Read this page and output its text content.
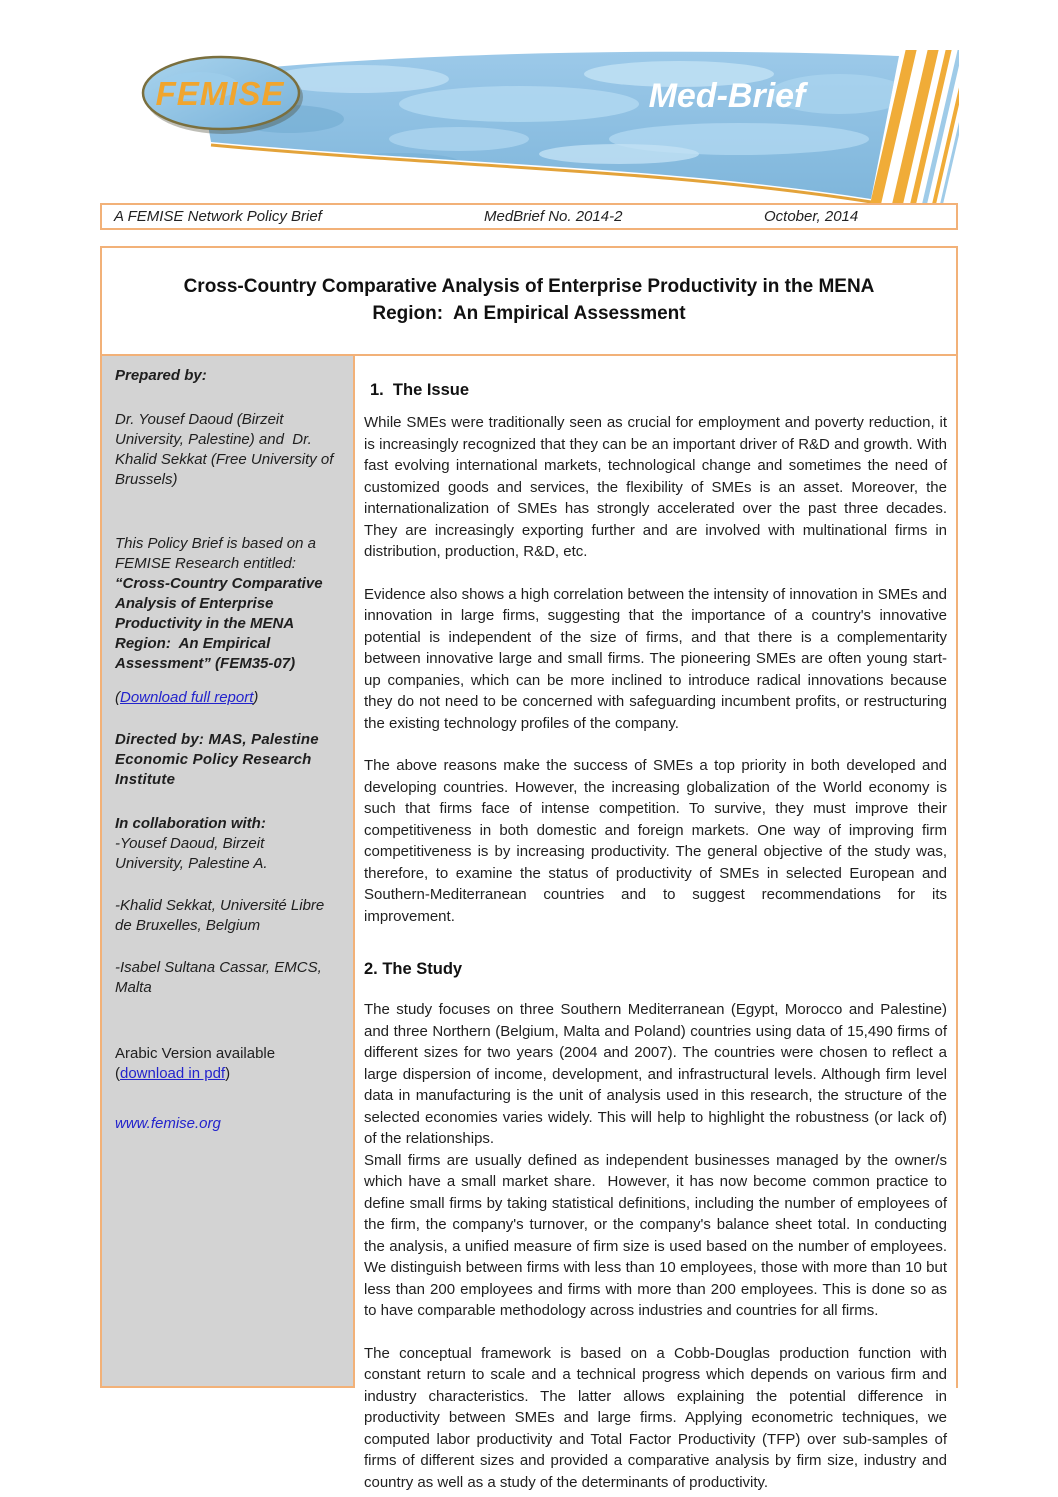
Med-Brief
FEMISE
A FEMISE Network Policy Brief	MedBrief No. 2014-2	October, 2014
Cross-Country Comparative Analysis of Enterprise Productivity in the MENA Region:  An Empirical Assessment
Prepared by:
Dr. Yousef Daoud (Birzeit University, Palestine) and  Dr. Khalid Sekkat (Free University of Brussels)
This Policy Brief is based on a FEMISE Research entitled: “Cross-Country Comparative Analysis of Enterprise Productivity in the MENA Region:  An Empirical Assessment” (FEM35-07)
(Download full report)
Directed by: MAS, Palestine Economic Policy Research Institute
In collaboration with:
-Yousef Daoud, Birzeit University, Palestine A.
-Khalid Sekkat, Université Libre de Bruxelles, Belgium
-Isabel Sultana Cassar, EMCS, Malta
Arabic Version available
(download in pdf)
www.femise.org
1.  The Issue

While SMEs were traditionally seen as crucial for employment and poverty reduction, it is increasingly recognized that they can be an important driver of R&D and growth. With fast evolving international markets, technological change and sometimes the need of customized goods and services, the flexibility of SMEs is an asset. Moreover, the internationalization of SMEs has strongly accelerated over the past three decades. They are increasingly exporting further and are involved with multinational firms in distribution, production, R&D, etc.

Evidence also shows a high correlation between the intensity of innovation in SMEs and innovation in large firms, suggesting that the importance of a country's innovative potential is independent of the size of firms, and that there is a complementarity between innovative large and small firms. The pioneering SMEs are often young start-up companies, which can be more inclined to introduce radical innovations because they do not need to be concerned with safeguarding incumbent profits, or restructuring the existing technology profiles of the company.

The above reasons make the success of SMEs a top priority in both developed and developing countries. However, the increasing globalization of the World economy is such that firms face of intense competition. To survive, they must improve their competitiveness in both domestic and foreign markets. One way of improving firm competitiveness is by increasing productivity. The general objective of the study was, therefore, to examine the status of productivity of SMEs in selected European and Southern-Mediterranean countries and to suggest recommendations for its improvement.

2. The Study

The study focuses on three Southern Mediterranean (Egypt, Morocco and Palestine) and three Northern (Belgium, Malta and Poland) countries using data of 15,490 firms of different sizes for two years (2004 and 2007). The countries were chosen to reflect a large dispersion of income, development, and infrastructural levels. Although firm level data in manufacturing is the unit of analysis used in this research, the structure of the selected economies varies widely. This will help to highlight the robustness (or lack of) of the relationships.

Small firms are usually defined as independent businesses managed by the owner/s which have a small market share.  However, it has now become common practice to define small firms by taking statistical definitions, including the number of employees of the firm, the company's turnover, or the company's balance sheet total. In conducting the analysis, a unified measure of firm size is used based on the number of employees. We distinguish between firms with less than 10 employees, those with more than 10 but less than 200 employees and firms with more than 200 employees. This is done so as to have comparable methodology across industries and countries for all firms.

The conceptual framework is based on a Cobb-Douglas production function with constant return to scale and a technical progress which depends on various firm and industry characteristics. The latter allows explaining the potential difference in productivity between SMEs and large firms. Applying econometric techniques, we computed labor productivity and Total Factor Productivity (TFP) over sub-samples of firms of different sizes and provided a comparative analysis by firm size, industry and country as well as a study of the determinants of productivity.
